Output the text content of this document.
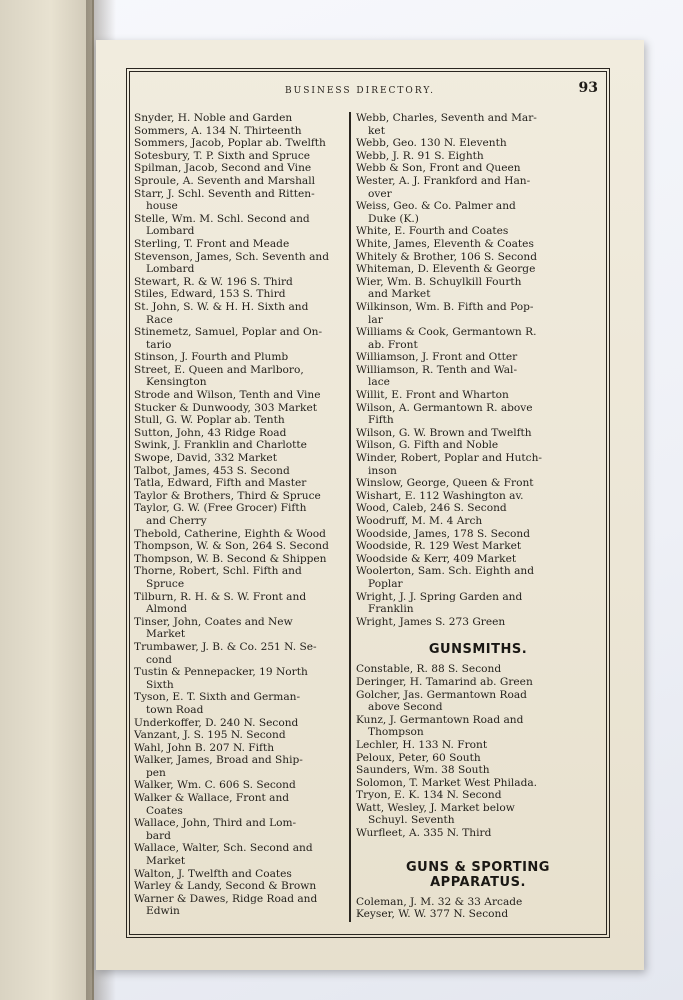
BUSINESS DIRECTORY.	93
Snyder, H. Noble and Garden
Sommers, A. 134 N. Thirteenth
Sommers, Jacob, Poplar ab. Twelfth
Sotesbury, T. P. Sixth and Spruce
Spilman, Jacob, Second and Vine
Sproule, A. Seventh and Marshall
Starr, J. Schl. Seventh and Ritten-
house
Stelle, Wm. M. Schl. Second and
Lombard
Sterling, T. Front and Meade
Stevenson, James, Sch. Seventh and
Lombard
Stewart, R. & W. 196 S. Third
Stiles, Edward, 153 S. Third
St. John, S. W. & H. H. Sixth and
Race
Stinemetz, Samuel, Poplar and On-
tario
Stinson, J. Fourth and Plumb
Street, E. Queen and Marlboro,
Kensington
Strode and Wilson, Tenth and Vine
Stucker & Dunwoody, 303 Market
Stull, G. W. Poplar ab. Tenth
Sutton, John, 43 Ridge Road
Swink, J. Franklin and Charlotte
Swope, David, 332 Market
Talbot, James, 453 S. Second
Tatla, Edward, Fifth and Master
Taylor & Brothers, Third & Spruce
Taylor, G. W. (Free Grocer) Fifth
and Cherry
Thebold, Catherine, Eighth & Wood
Thompson, W. & Son, 264 S. Second
Thompson, W. B. Second & Shippen
Thorne, Robert, Schl. Fifth and
Spruce
Tilburn, R. H. & S. W. Front and
Almond
Tinser, John, Coates and New
Market
Trumbawer, J. B. & Co. 251 N. Se-
cond
Tustin & Pennepacker, 19 North
Sixth
Tyson, E. T. Sixth and German-
town Road
Underkoffer, D. 240 N. Second
Vanzant, J. S. 195 N. Second
Wahl, John B. 207 N. Fifth
Walker, James, Broad and Ship-
pen
Walker, Wm. C. 606 S. Second
Walker & Wallace, Front and
Coates
Wallace, John, Third and Lom-
bard
Wallace, Walter, Sch. Second and
Market
Walton, J. Twelfth and Coates
Warley & Landy, Second & Brown
Warner & Dawes, Ridge Road and
Edwin
Webb, Charles, Seventh and Mar-
ket
Webb, Geo. 130 N. Eleventh
Webb, J. R. 91 S. Eighth
Webb & Son, Front and Queen
Wester, A. J. Frankford and Han-
over
Weiss, Geo. & Co. Palmer and
Duke (K.)
White, E. Fourth and Coates
White, James, Eleventh & Coates
Whitely & Brother, 106 S. Second
Whiteman, D. Eleventh & George
Wier, Wm. B. Schuylkill Fourth
and Market
Wilkinson, Wm. B. Fifth and Pop-
lar
Williams & Cook, Germantown R.
ab. Front
Williamson, J. Front and Otter
Williamson, R. Tenth and Wal-
lace
Willit, E. Front and Wharton
Wilson, A. Germantown R. above
Fifth
Wilson, G. W. Brown and Twelfth
Wilson, G. Fifth and Noble
Winder, Robert, Poplar and Hutch-
inson
Winslow, George, Queen & Front
Wishart, E. 112 Washington av.
Wood, Caleb, 246 S. Second
Woodruff, M. M. 4 Arch
Woodside, James, 178 S. Second
Woodside, R. 129 West Market
Woodside & Kerr, 409 Market
Woolerton, Sam. Sch. Eighth and
Poplar
Wright, J. J. Spring Garden and
Franklin
Wright, James S. 273 Green
GUNSMITHS.
Constable, R. 88 S. Second
Deringer, H. Tamarind ab. Green
Golcher, Jas. Germantown Road
above Second
Kunz, J. Germantown Road and
Thompson
Lechler, H. 133 N. Front
Peloux, Peter, 60 South
Saunders, Wm. 38 South
Solomon, T. Market West Philada.
Tryon, E. K. 134 N. Second
Watt, Wesley, J. Market below
Schuyl. Seventh
Wurfleet, A. 335 N. Third
GUNS & SPORTING
APPARATUS.
Coleman, J. M. 32 & 33 Arcade
Keyser, W. W. 377 N. Second
